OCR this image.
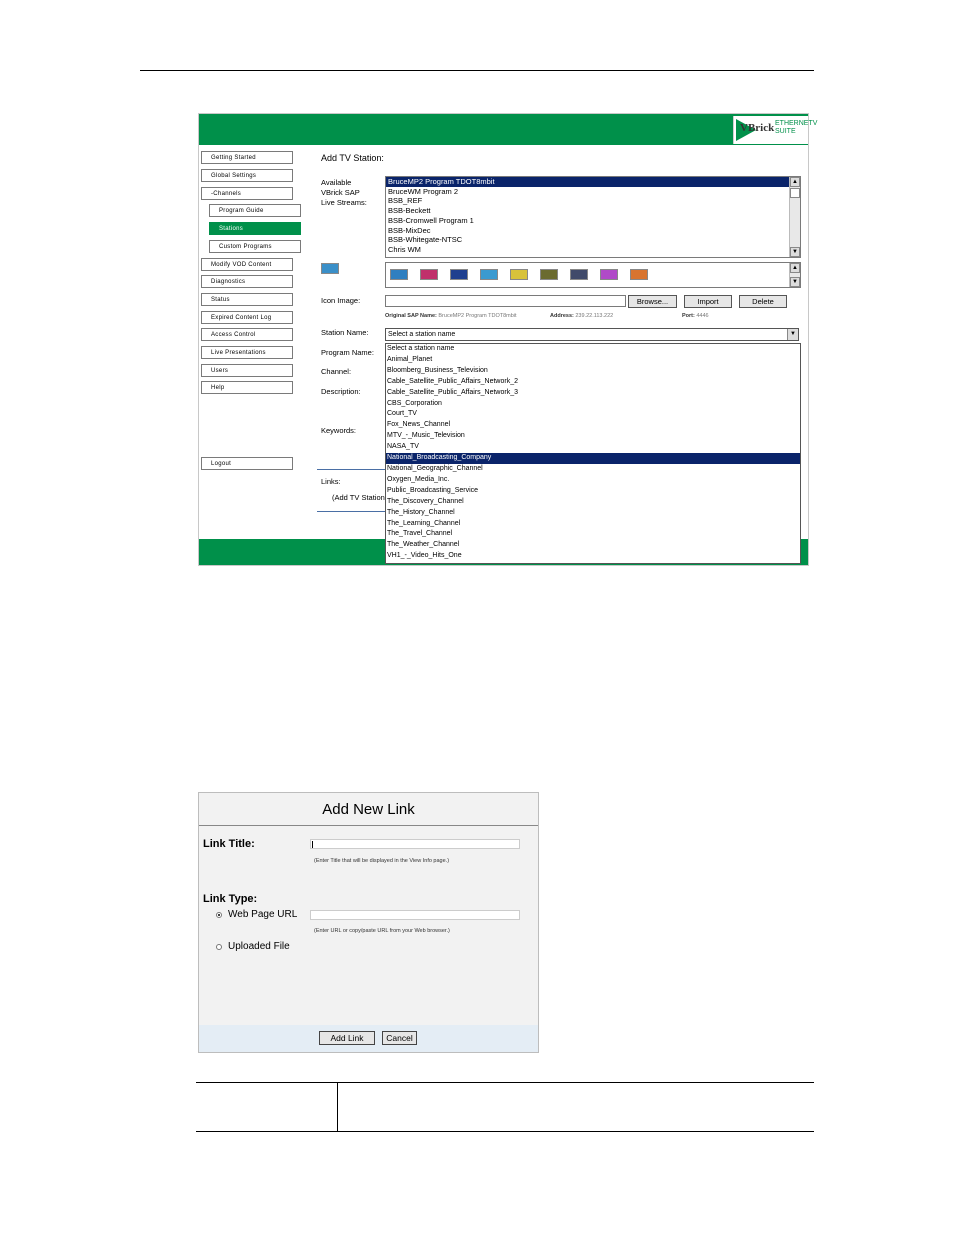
VBrick ETHERNETV SUITE
Getting Started
Global Settings
-Channels
Program Guide
Stations
Custom Programs
Modify VOD Content
Diagnostics
Status
Expired Content Log
Access Control
Live Presentations
Users
Help
Logout
Add TV Station:
Available
VBrick SAP
Live Streams:
BruceMP2 Program TDOT8mbit
BruceWM Program 2
BSB_REF
BSB-Beckett
BSB-Cromwell Program 1
BSB-MixDec
BSB-Whitegate-NTSC
Chris WM
▲
▼
▲
▼
Icon Image:	Browse...	Import	Delete
Original SAP Name: BruceMP2 Program TDOT8mbit	Address: 239.22.113.222	Port: 4446
Station Name:	Select a station name	▼
Program Name:
Channel:
Description:
Keywords:
Links:
(Add TV Station
Select a station name
Animal_Planet
Bloomberg_Business_Television
Cable_Satellite_Public_Affairs_Network_2
Cable_Satellite_Public_Affairs_Network_3
CBS_Corporation
Court_TV
Fox_News_Channel
MTV_-_Music_Television
NASA_TV
National_Broadcasting_Company
National_Geographic_Channel
Oxygen_Media_Inc.
Public_Broadcasting_Service
The_Discovery_Channel
The_History_Channel
The_Learning_Channel
The_Travel_Channel
The_Weather_Channel
VH1_-_Video_Hits_One
Add New Link
Link Title:
(Enter Title that will be displayed in the View Info page.)
Link Type:
Web Page URL
(Enter URL or copy/paste URL from your Web browser.)
Uploaded File
Add Link	Cancel
